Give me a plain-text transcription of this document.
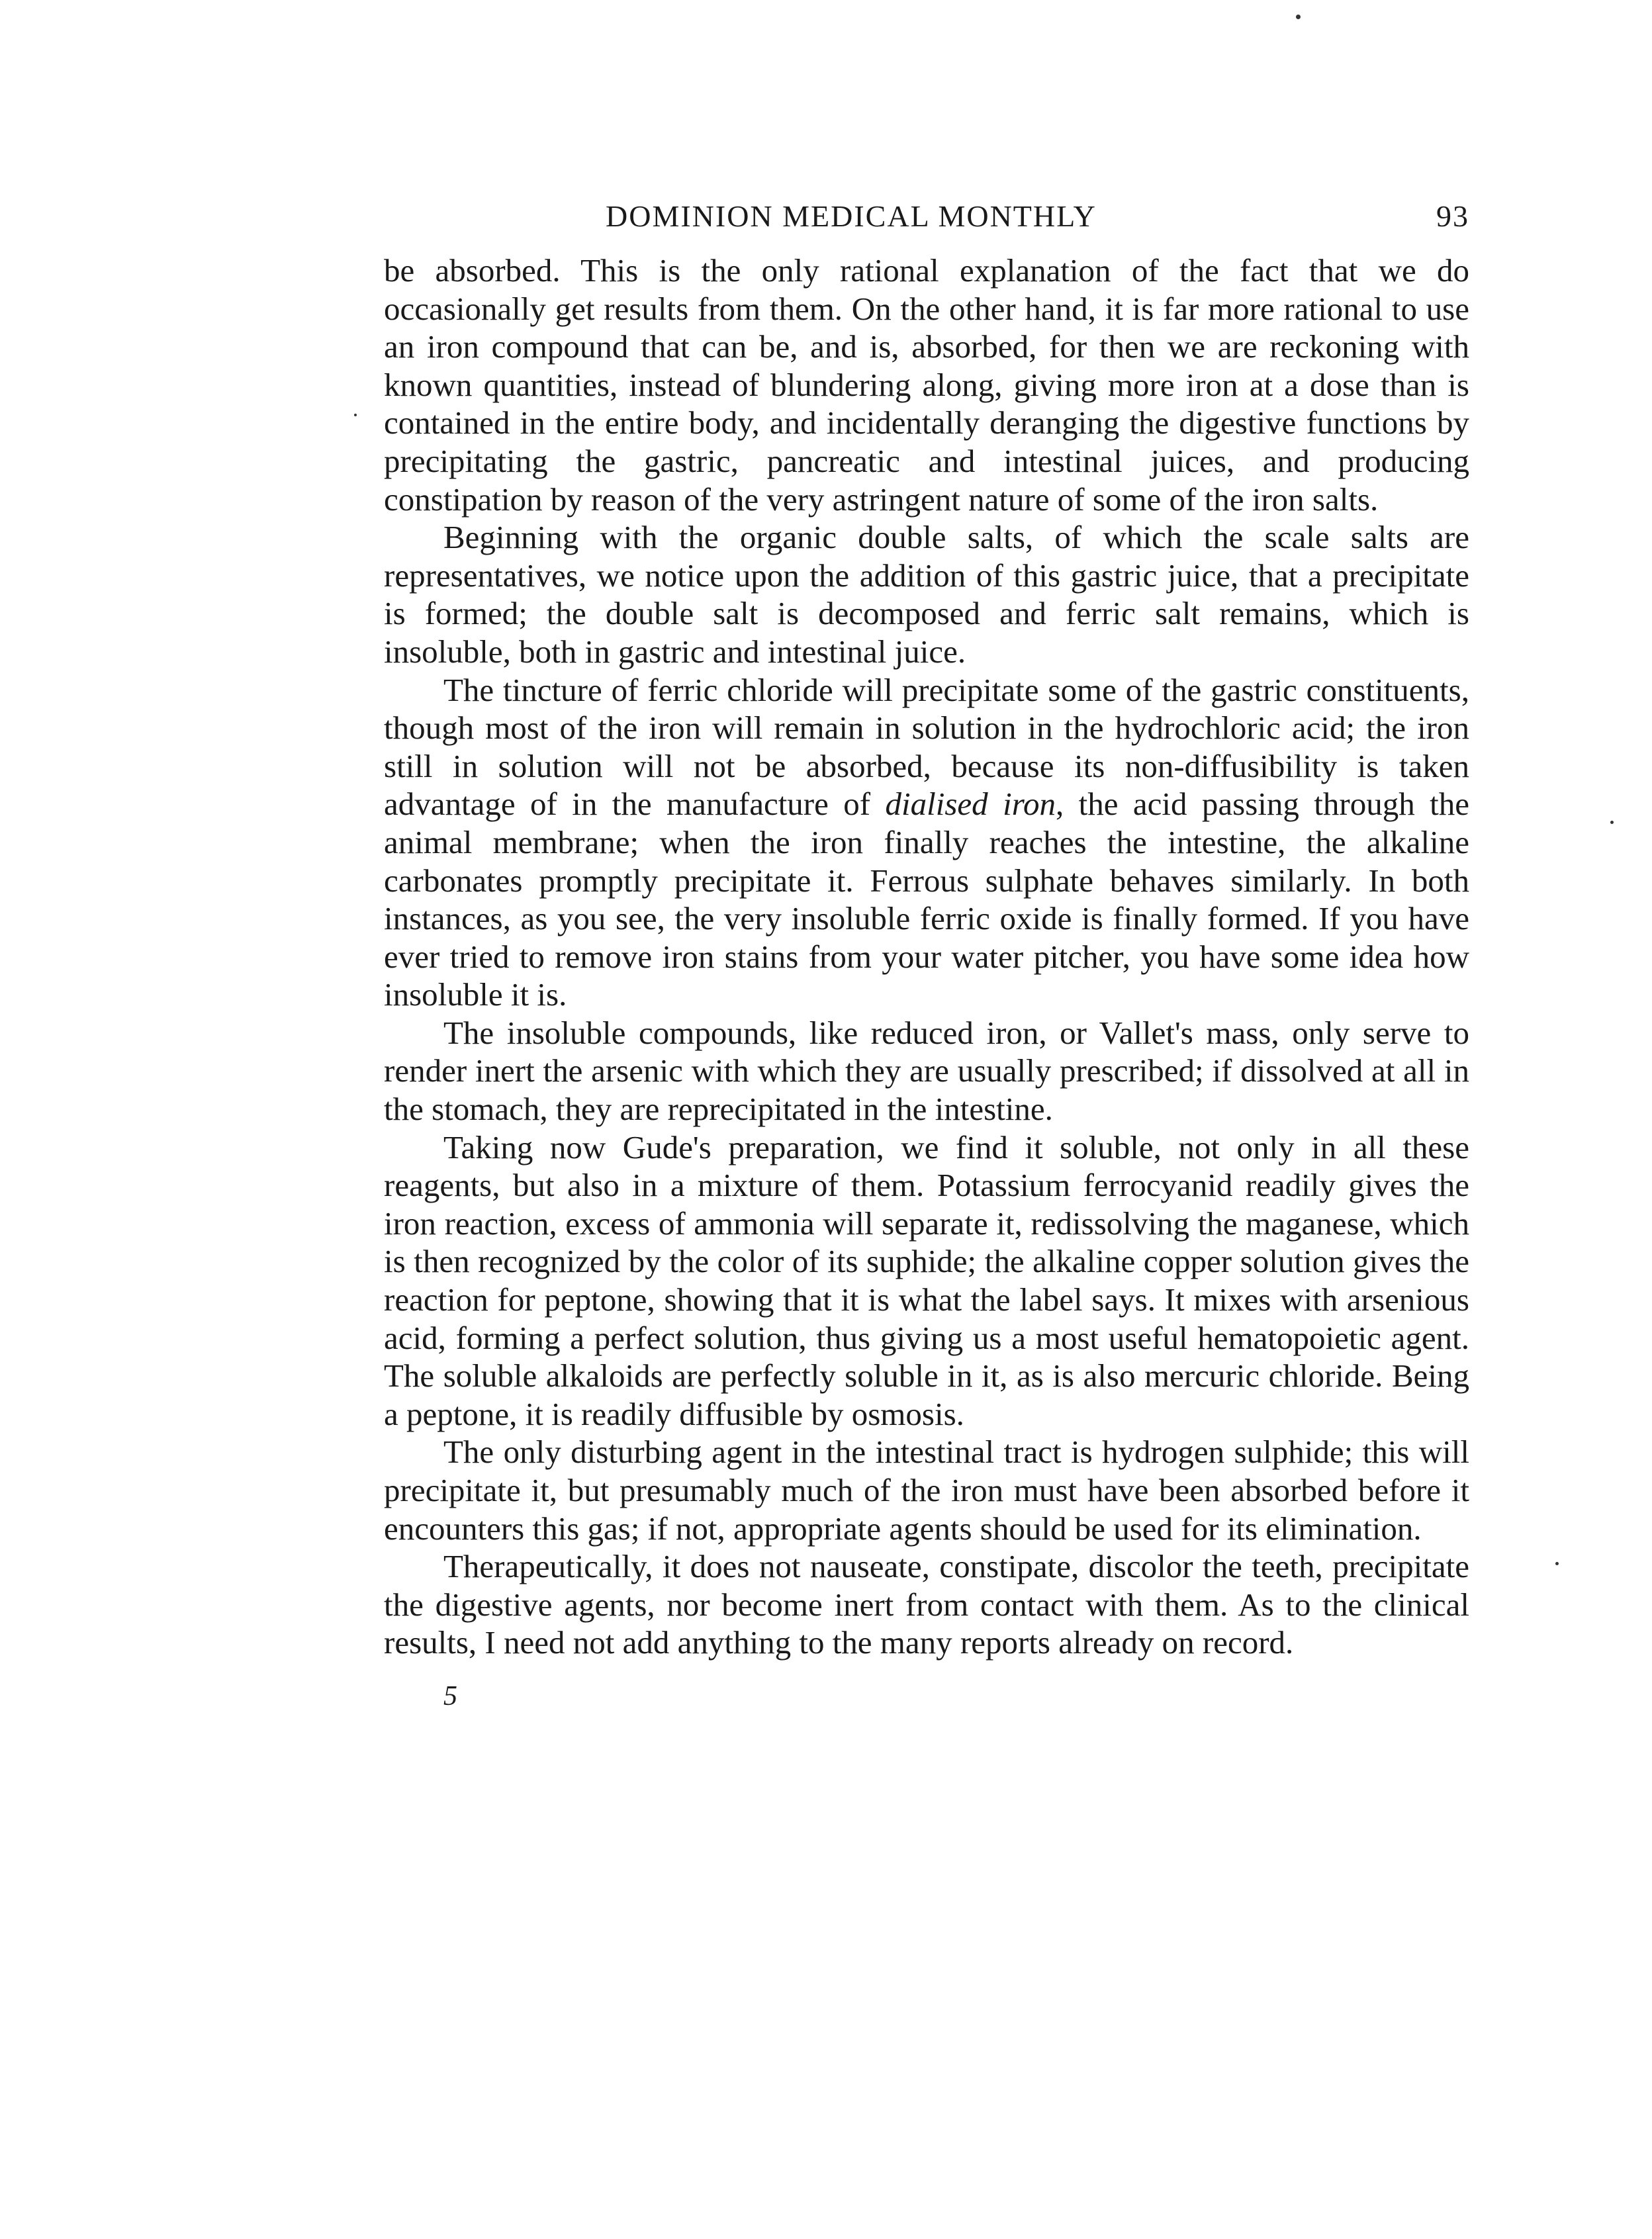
DOMINION MEDICAL MONTHLY	93

be absorbed. This is the only rational explanation of the fact that we do occasionally get results from them. On the other hand, it is far more rational to use an iron compound that can be, and is, absorbed, for then we are reckoning with known quantities, instead of blundering along, giving more iron at a dose than is contained in the entire body, and incidentally deranging the digestive functions by precipitating the gastric, pancreatic and intestinal juices, and producing constipation by reason of the very astringent nature of some of the iron salts.

Beginning with the organic double salts, of which the scale salts are representatives, we notice upon the addition of this gastric juice, that a precipitate is formed; the double salt is decomposed and ferric salt remains, which is insoluble, both in gastric and intestinal juice.

The tincture of ferric chloride will precipitate some of the gastric constituents, though most of the iron will remain in solution in the hydrochloric acid; the iron still in solution will not be absorbed, because its non-diffusibility is taken advantage of in the manufacture of dialised iron, the acid passing through the animal membrane; when the iron finally reaches the intestine, the alkaline carbonates promptly precipitate it. Ferrous sulphate behaves similarly. In both instances, as you see, the very insoluble ferric oxide is finally formed. If you have ever tried to remove iron stains from your water pitcher, you have some idea how insoluble it is.

The insoluble compounds, like reduced iron, or Vallet's mass, only serve to render inert the arsenic with which they are usually prescribed; if dissolved at all in the stomach, they are reprecipitated in the intestine.

Taking now Gude's preparation, we find it soluble, not only in all these reagents, but also in a mixture of them. Potassium ferrocyanid readily gives the iron reaction, excess of ammonia will separate it, redissolving the maganese, which is then recognized by the color of its suphide; the alkaline copper solution gives the reaction for peptone, showing that it is what the label says. It mixes with arsenious acid, forming a perfect solution, thus giving us a most useful hematopoietic agent. The soluble alkaloids are perfectly soluble in it, as is also mercuric chloride. Being a peptone, it is readily diffusible by osmosis.

The only disturbing agent in the intestinal tract is hydrogen sulphide; this will precipitate it, but presumably much of the iron must have been absorbed before it encounters this gas; if not, appropriate agents should be used for its elimination.

Therapeutically, it does not nauseate, constipate, discolor the teeth, precipitate the digestive agents, nor become inert from contact with them. As to the clinical results, I need not add anything to the many reports already on record.

5
